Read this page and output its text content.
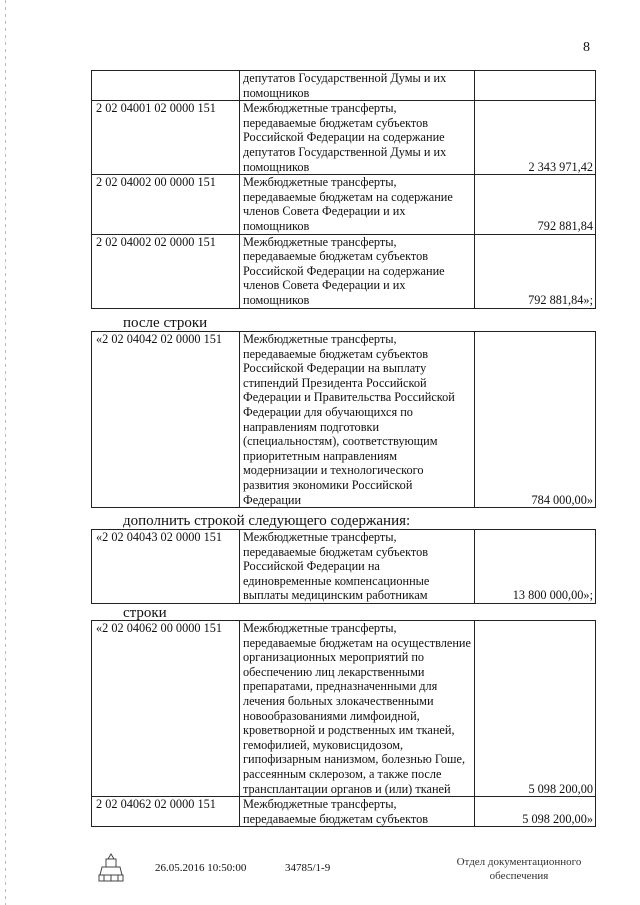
8
	депутатов Государственной Думы и их помощников	
2 02 04001 02 0000 151	Межбюджетные трансферты, передаваемые бюджетам субъектов Российской Федерации на содержание депутатов Государственной Думы и их помощников	2 343 971,42
2 02 04002 00 0000 151	Межбюджетные трансферты, передаваемые бюджетам на содержание членов Совета Федерации и их помощников	792 881,84
2 02 04002 02 0000 151	Межбюджетные трансферты, передаваемые бюджетам субъектов Российской Федерации на содержание членов Совета Федерации и их помощников	792 881,84»;
после строки
«2 02 04042 02 0000 151	Межбюджетные трансферты, передаваемые бюджетам субъектов Российской Федерации на выплату стипендий Президента Российской Федерации и Правительства Российской Федерации для обучающихся по направлениям подготовки (специальностям), соответствующим приоритетным направлениям модернизации и технологического развития экономики Российской Федерации	784 000,00»
дополнить строкой следующего содержания:
«2 02 04043 02 0000 151	Межбюджетные трансферты, передаваемые бюджетам субъектов Российской Федерации на единовременные компенсационные выплаты медицинским работникам	13 800 000,00»;
строки
«2 02 04062 00 0000 151	Межбюджетные трансферты, передаваемые бюджетам на осуществление организационных мероприятий по обеспечению лиц лекарственными препаратами, предназначенными для лечения больных злокачественными новообразованиями лимфоидной, кроветворной и родственных им тканей, гемофилией, муковисцидозом, гипофизарным нанизмом, болезнью Гоше, рассеянным склерозом, а также после трансплантации органов и (или) тканей	5 098 200,00
2 02 04062 02 0000 151	Межбюджетные трансферты, передаваемые бюджетам субъектов	5 098 200,00»
26.05.2016 10:50:00	34785/1-9	Отдел документационного
обеспечения
